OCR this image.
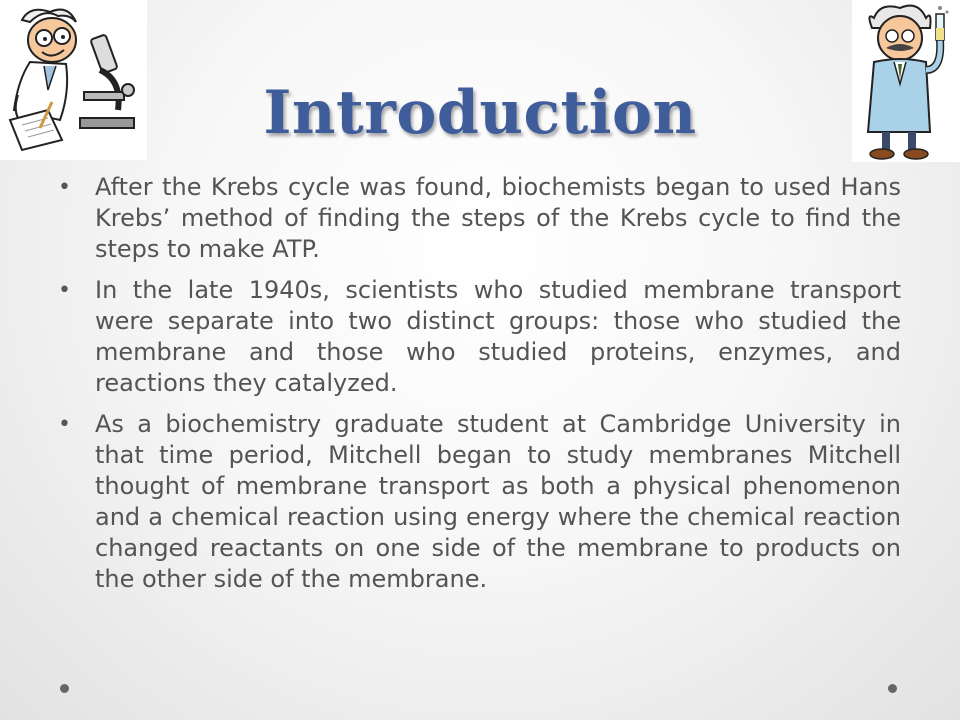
Introduction
• After the Krebs cycle was found, biochemists began to used Hans Krebs’ method of finding the steps of the Krebs cycle to find the steps to make ATP.
• In the late 1940s, scientists who studied membrane transport were separate into two distinct groups: those who studied the membrane and those who studied proteins, enzymes, and reactions they catalyzed.
• As a biochemistry graduate student at Cambridge University in that time period, Mitchell began to study membranes Mitchell thought of membrane transport as both a physical phenomenon and a chemical reaction using energy where the chemical reaction changed reactants on one side of the membrane to products on the other side of the membrane.
